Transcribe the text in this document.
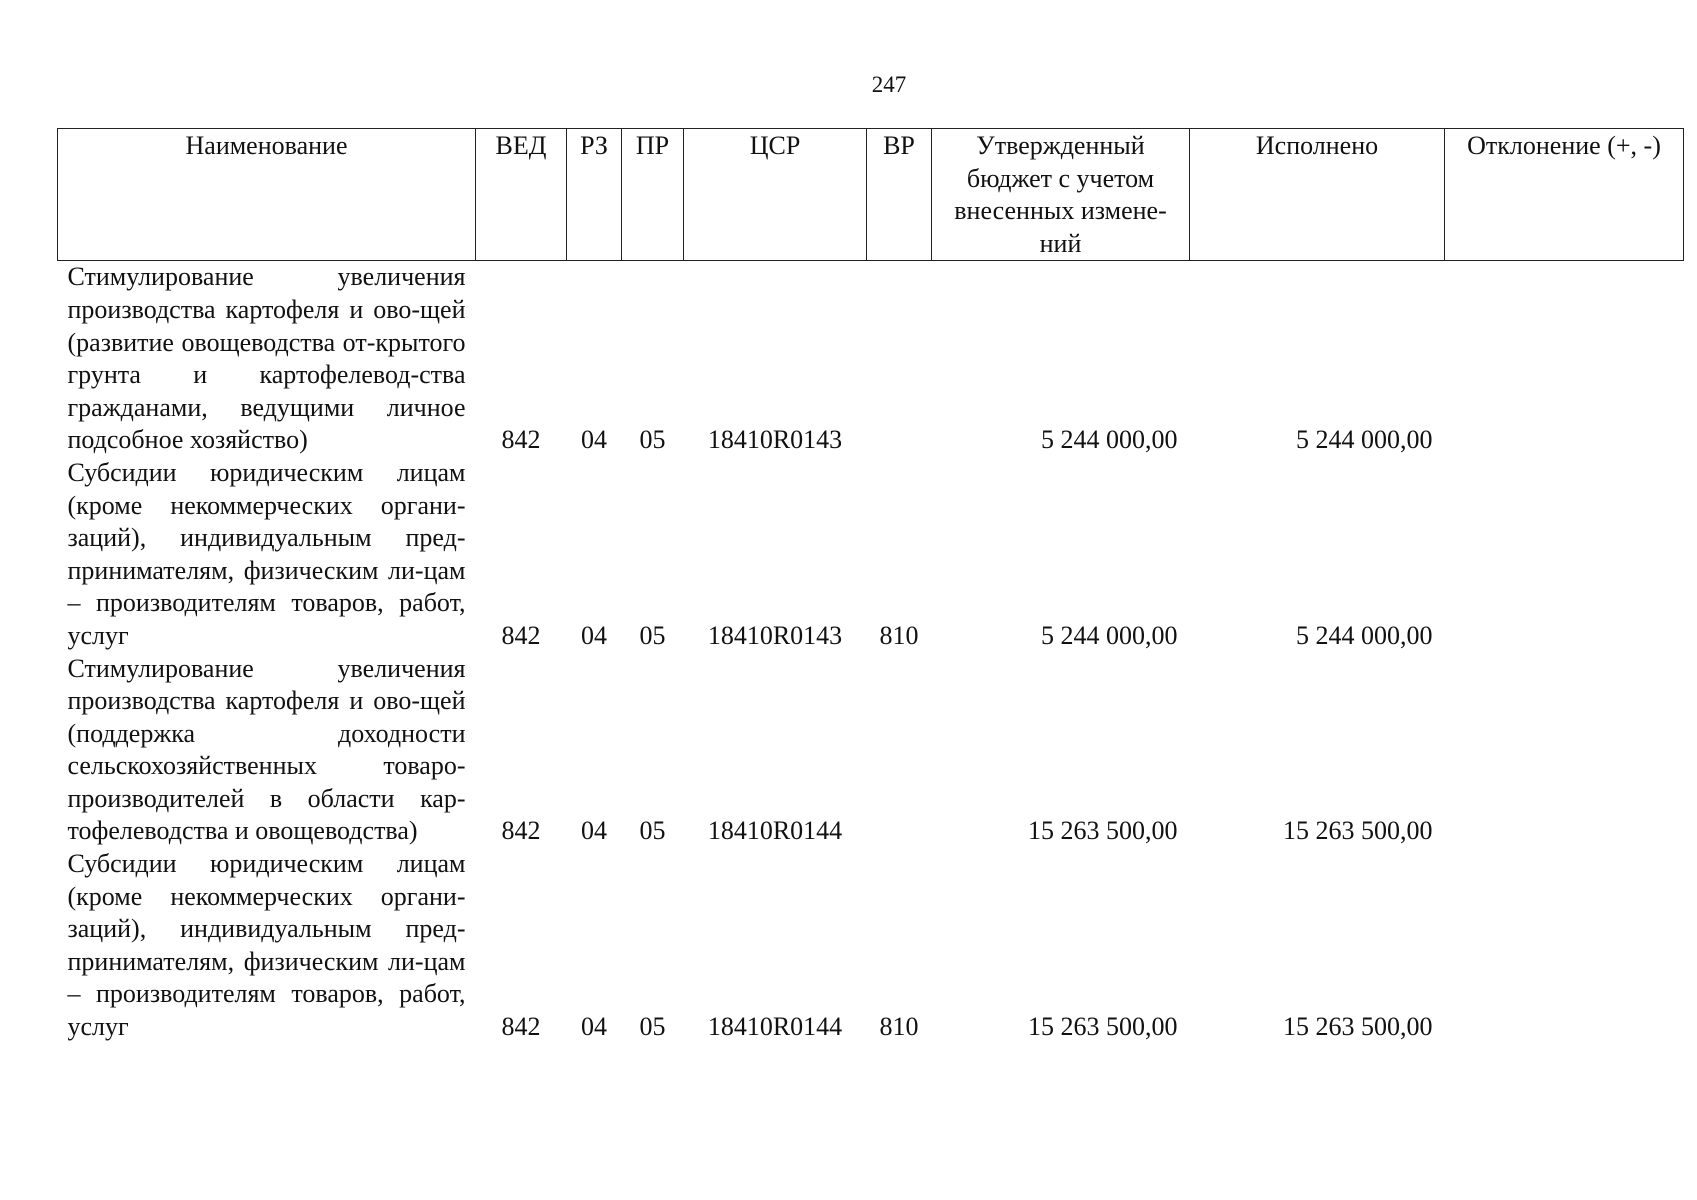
247
Наименование	ВЕД	РЗ	ПР	ЦСР	ВР	Утвержденный бюджет с учетом внесенных измене-ний	Исполнено	Отклонение (+, -)
Стимулирование увеличения производства картофеля и ово-щей (развитие овощеводства от-крытого грунта и картофелевод-ства гражданами, ведущими личное подсобное хозяйство)	842	04	05	18410R0143		5 244 000,00	5 244 000,00	
Субсидии юридическим лицам (кроме некоммерческих органи-заций), индивидуальным пред-принимателям, физическим ли-цам – производителям товаров, работ, услуг	842	04	05	18410R0143	810	5 244 000,00	5 244 000,00	
Стимулирование увеличения производства картофеля и ово-щей (поддержка доходности сельскохозяйственных товаро-производителей в области кар-тофелеводства и овощеводства)	842	04	05	18410R0144		15 263 500,00	15 263 500,00	
Субсидии юридическим лицам (кроме некоммерческих органи-заций), индивидуальным пред-принимателям, физическим ли-цам – производителям товаров, работ, услуг	842	04	05	18410R0144	810	15 263 500,00	15 263 500,00	
